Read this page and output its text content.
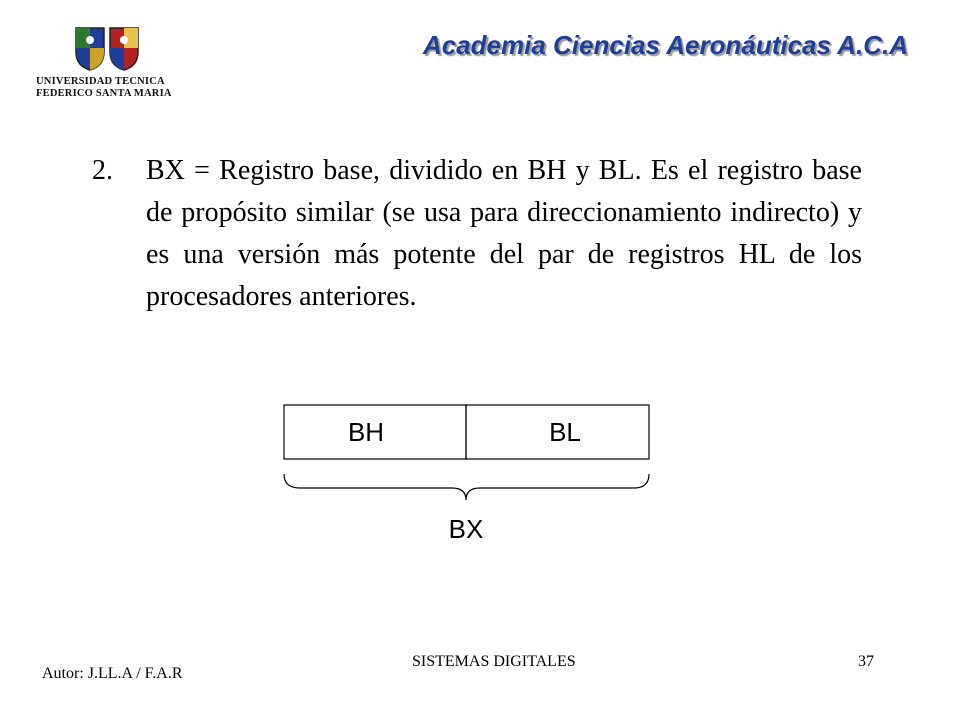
UNIVERSIDAD TECNICA
FEDERICO SANTA MARIA
Academia Ciencias Aeronáuticas A.C.A
2. BX = Registro base, dividido en BH y BL. Es el registro base de propósito similar (se usa para direccionamiento indirecto) y es una versión más potente del par de registros HL de los procesadores anteriores.
BH	BL
BX
Autor: J.LL.A / F.A.R
SISTEMAS DIGITALES	37
